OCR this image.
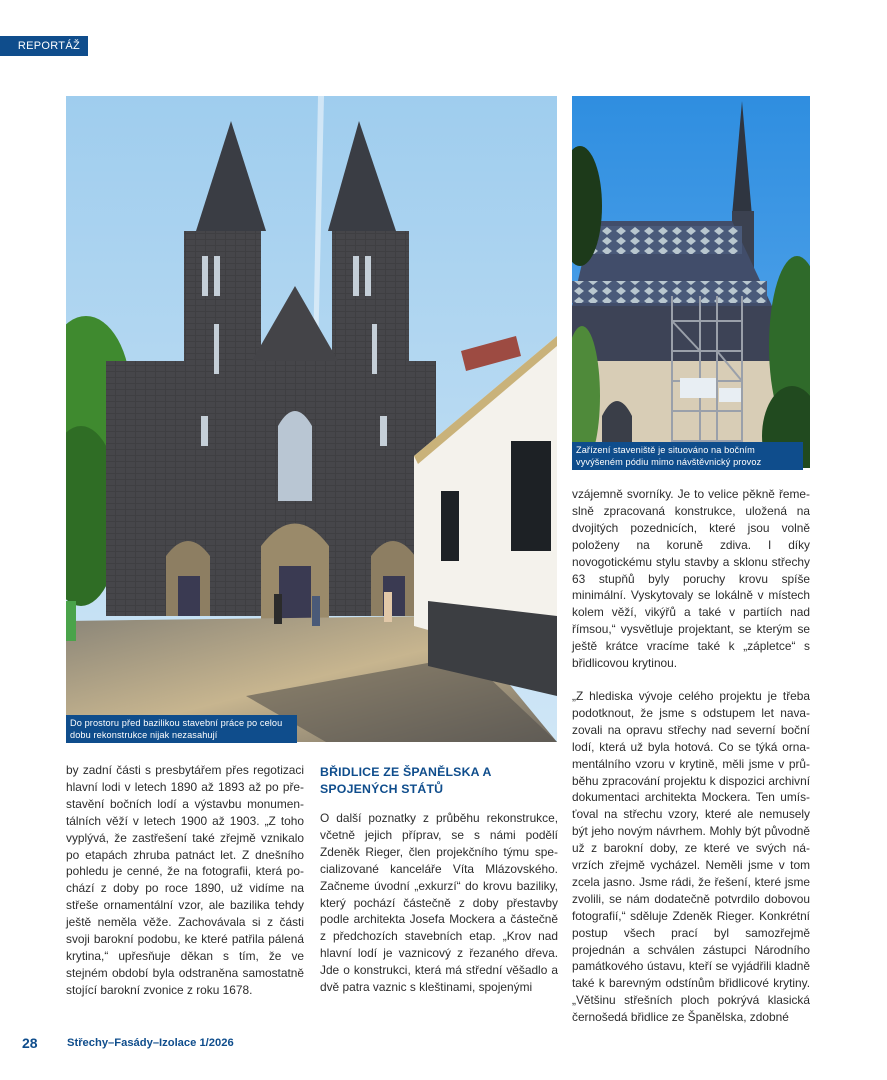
REPORTÁŽ
Do prostoru před bazilikou stavební práce po celou dobu rekonstrukce nijak nezasahují
Zařízení staveniště je situováno na bočním vyvýšeném pódiu mimo návštěvnický provoz

by zadní části s presbytářem přes regotizaci hlavní lodi v letech 1890 až 1893 až po přestavění bočních lodí a výstavbu monumentálních věží v letech 1900 až 1903. „Z toho vyplývá, že zastřešení také zřejmě vznikalo po etapách zhruba patnáct let. Z dnešního pohledu je cenné, že na fotografii, která pochází z doby po roce 1890, už vidíme na střeše ornamentální vzor, ale bazilika tehdy ještě neměla věže. Zachovávala si z části svoji barokní podobu, ke které patřila pálená krytina,“ upřesňuje děkan s tím, že ve stejném období byla odstraněna samostatně stojící barokní zvonice z roku 1678.

BŘIDLICE ZE ŠPANĚLSKA A SPOJENÝCH STÁTŮ

O další poznatky z průběhu rekonstrukce, včetně jejich příprav, se s námi podělí Zdeněk Rieger, člen projekčního týmu specializované kanceláře Víta Mlázovského. Začneme úvodní „exkurzí“ do krovu baziliky, který pochází částečně z doby přestavby podle architekta Josefa Mockera a částečně z předchozích stavebních etap. „Krov nad hlavní lodí je vaznicový z řezaného dřeva. Jde o konstrukci, která má střední věšadlo a dvě patra vaznic s kleštinami, spojenými

vzájemně svorníky. Je to velice pěkně řemeslně zpracovaná konstrukce, uložená na dvojitých pozednicích, které jsou volně položeny na koruně zdiva. I díky novogotickému stylu stavby a sklonu střechy 63 stupňů byly poruchy krovu spíše minimální. Vyskytovaly se lokálně v místech kolem věží, vikýřů a také v partiích nad římsou,“ vysvětluje projektant, se kterým se ještě krátce vracíme také k „zápletce“ s břidlicovou krytinou.

„Z hlediska vývoje celého projektu je třeba podotknout, že jsme s odstupem let navazovali na opravu střechy nad severní boční lodí, která už byla hotová. Co se týká ornamentálního vzoru v krytině, měli jsme v průběhu zpracování projektu k dispozici archivní dokumentaci architekta Mockera. Ten umísťoval na střechu vzory, které ale nemusely být jeho novým návrhem. Mohly být původně už z barokní doby, ze které ve svých návrzích zřejmě vycházel. Neměli jsme v tom zcela jasno. Jsme rádi, že řešení, které jsme zvolili, se nám dodatečně potvrdilo dobovou fotografií,“ sděluje Zdeněk Rieger. Konkrétní postup všech prací byl samozřejmě projednán a schválen zástupci Národního památkového ústavu, kteří se vyjádřili kladně také k barevným odstínům břidlicové krytiny. „Většinu střešních ploch pokrývá klasická černošedá břidlice ze Španělska, zdobné

28	Střechy–Fasády–Izolace 1/2026
